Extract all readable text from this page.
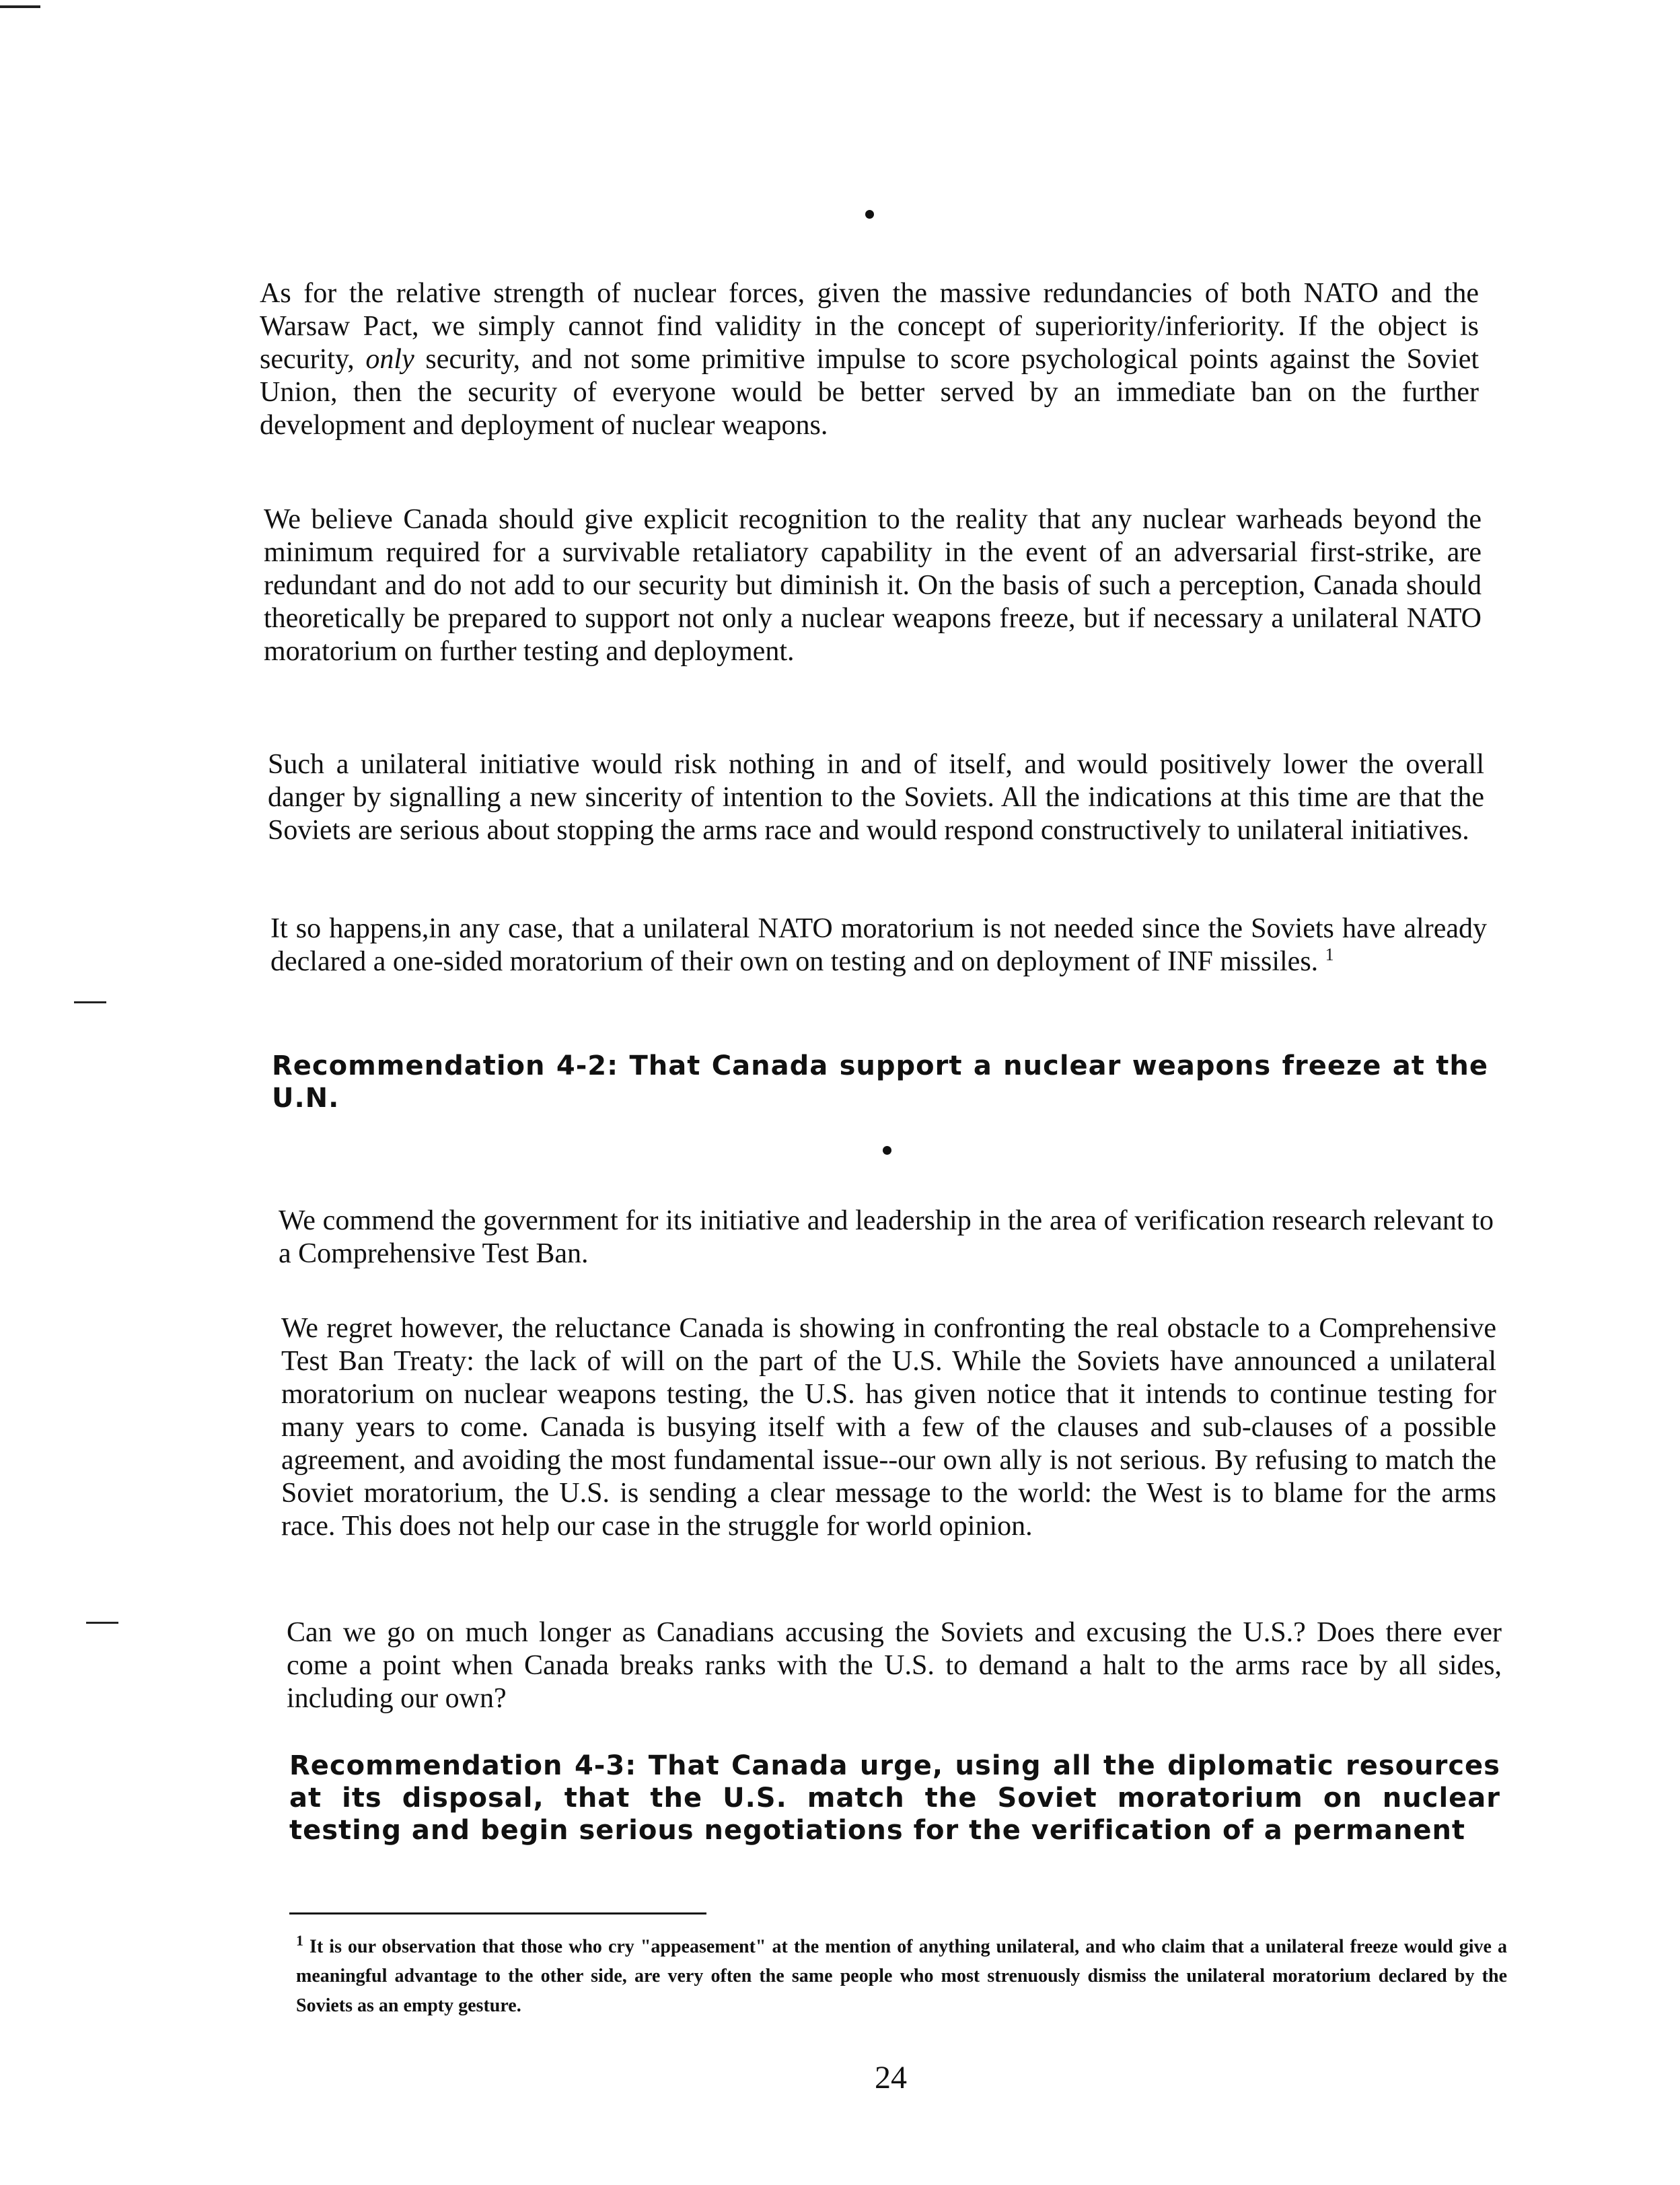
As for the relative strength of nuclear forces, given the massive redundancies of both NATO and the Warsaw Pact, we simply cannot find validity in the concept of superiority/inferiority. If the object is security, only security, and not some primitive impulse to score psychological points against the Soviet Union, then the security of everyone would be better served by an immediate ban on the further development and deployment of nuclear weapons.

We believe Canada should give explicit recognition to the reality that any nuclear warheads beyond the minimum required for a survivable retaliatory capability in the event of an adversarial first-strike, are redundant and do not add to our security but diminish it. On the basis of such a perception, Canada should theoretically be prepared to support not only a nuclear weapons freeze, but if necessary a unilateral NATO moratorium on further testing and deployment.

Such a unilateral initiative would risk nothing in and of itself, and would positively lower the overall danger by signalling a new sincerity of intention to the Soviets. All the indications at this time are that the Soviets are serious about stopping the arms race and would respond constructively to unilateral initiatives.

It so happens,in any case, that a unilateral NATO moratorium is not needed since the Soviets have already declared a one-sided moratorium of their own on testing and on deployment of INF missiles. $^1$

Recommendation 4-2: That Canada support a nuclear weapons freeze at the U.N.

We commend the government for its initiative and leadership in the area of verification research relevant to a Comprehensive Test Ban.

We regret however, the reluctance Canada is showing in confronting the real obstacle to a Comprehensive Test Ban Treaty: the lack of will on the part of the U.S. While the Soviets have announced a unilateral moratorium on nuclear weapons testing, the U.S. has given notice that it intends to continue testing for many years to come. Canada is busying itself with a few of the clauses and sub-clauses of a possible agreement, and avoiding the most fundamental issue--our own ally is not serious. By refusing to match the Soviet moratorium, the U.S. is sending a clear message to the world: the West is to blame for the arms race. This does not help our case in the struggle for world opinion.

Can we go on much longer as Canadians accusing the Soviets and excusing the U.S.? Does there ever come a point when Canada breaks ranks with the U.S. to demand a halt to the arms race by all sides, including our own?

Recommendation 4-3: That Canada urge, using all the diplomatic resources at its disposal, that the U.S. match the Soviet moratorium on nuclear testing and begin serious negotiations for the verification of a permanent

$^1$ It is our observation that those who cry "appeasement" at the mention of anything unilateral, and who claim that a unilateral freeze would give a meaningful advantage to the other side, are very often the same people who most strenuously dismiss the unilateral moratorium declared by the Soviets as an empty gesture.

24
